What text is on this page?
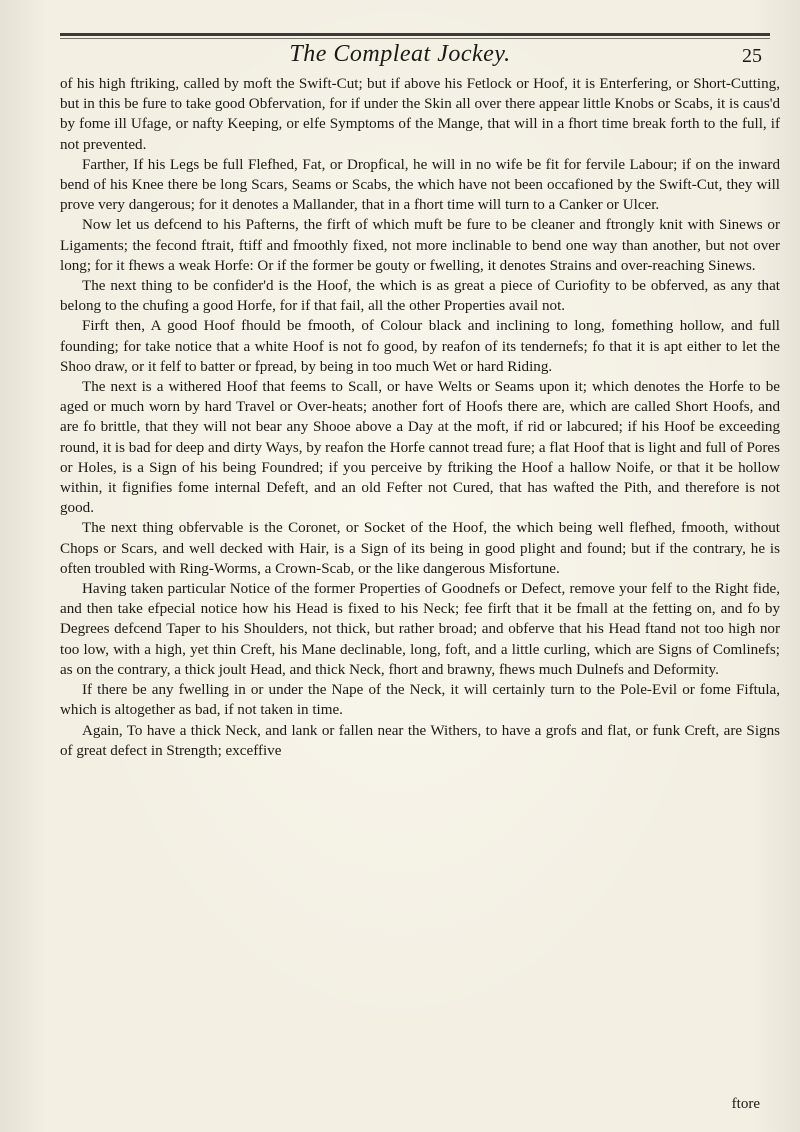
The Compleat Jockey.	25

of his high ftriking, called by moft the Swift-Cut; but if above his Fetlock or Hoof, it is Enterfering, or Short-Cutting, but in this be fure to take good Obfervation, for if under the Skin all over there appear little Knobs or Scabs, it is caus'd by fome ill Ufage, or nafty Keeping, or elfe Symptoms of the Mange, that will in a fhort time break forth to the full, if not prevented.

Farther, If his Legs be full Flefhed, Fat, or Dropfical, he will in no wife be fit for fervile Labour; if on the inward bend of his Knee there be long Scars, Seams or Scabs, the which have not been occafioned by the Swift-Cut, they will prove very dangerous; for it denotes a Mallander, that in a fhort time will turn to a Canker or Ulcer.

Now let us defcend to his Pafterns, the firft of which muft be fure to be cleaner and ftrongly knit with Sinews or Ligaments; the fecond ftrait, ftiff and fmoothly fixed, not more inclinable to bend one way than another, but not over long; for it fhews a weak Horfe: Or if the former be gouty or fwelling, it denotes Strains and over-reaching Sinews.

The next thing to be confider'd is the Hoof, the which is as great a piece of Curiofity to be obferved, as any that belong to the chufing a good Horfe, for if that fail, all the other Properties avail not.

Firft then, A good Hoof fhould be fmooth, of Colour black and inclining to long, fomething hollow, and full founding; for take notice that a white Hoof is not fo good, by reafon of its tendernefs; fo that it is apt either to let the Shoo draw, or it felf to batter or fpread, by being in too much Wet or hard Riding.

The next is a withered Hoof that feems to Scall, or have Welts or Seams upon it; which denotes the Horfe to be aged or much worn by hard Travel or Over-heats; another fort of Hoofs there are, which are called Short Hoofs, and are fo brittle, that they will not bear any Shooe above a Day at the moft, if rid or labcured; if his Hoof be exceeding round, it is bad for deep and dirty Ways, by reafon the Horfe cannot tread fure; a flat Hoof that is light and full of Pores or Holes, is a Sign of his being Foundred; if you perceive by ftriking the Hoof a hallow Noife, or that it be hollow within, it fignifies fome internal Defeft, and an old Fefter not Cured, that has wafted the Pith, and therefore is not good.

The next thing obfervable is the Coronet, or Socket of the Hoof, the which being well flefhed, fmooth, without Chops or Scars, and well decked with Hair, is a Sign of its being in good plight and found; but if the contrary, he is often troubled with Ring-Worms, a Crown-Scab, or the like dangerous Misfortune.

Having taken particular Notice of the former Properties of Goodnefs or Defect, remove your felf to the Right fide, and then take efpecial notice how his Head is fixed to his Neck; fee firft that it be fmall at the fetting on, and fo by Degrees defcend Taper to his Shoulders, not thick, but rather broad; and obferve that his Head ftand not too high nor too low, with a high, yet thin Creft, his Mane declinable, long, foft, and a little curling, which are Signs of Comlinefs; as on the contrary, a thick joult Head, and thick Neck, fhort and brawny, fhews much Dulnefs and Deformity.

If there be any fwelling in or under the Nape of the Neck, it will certainly turn to the Pole-Evil or fome Fiftula, which is altogether as bad, if not taken in time.

Again, To have a thick Neck, and lank or fallen near the Withers, to have a grofs and flat, or funk Creft, are Signs of great defect in Strength; exceffive

ftore
